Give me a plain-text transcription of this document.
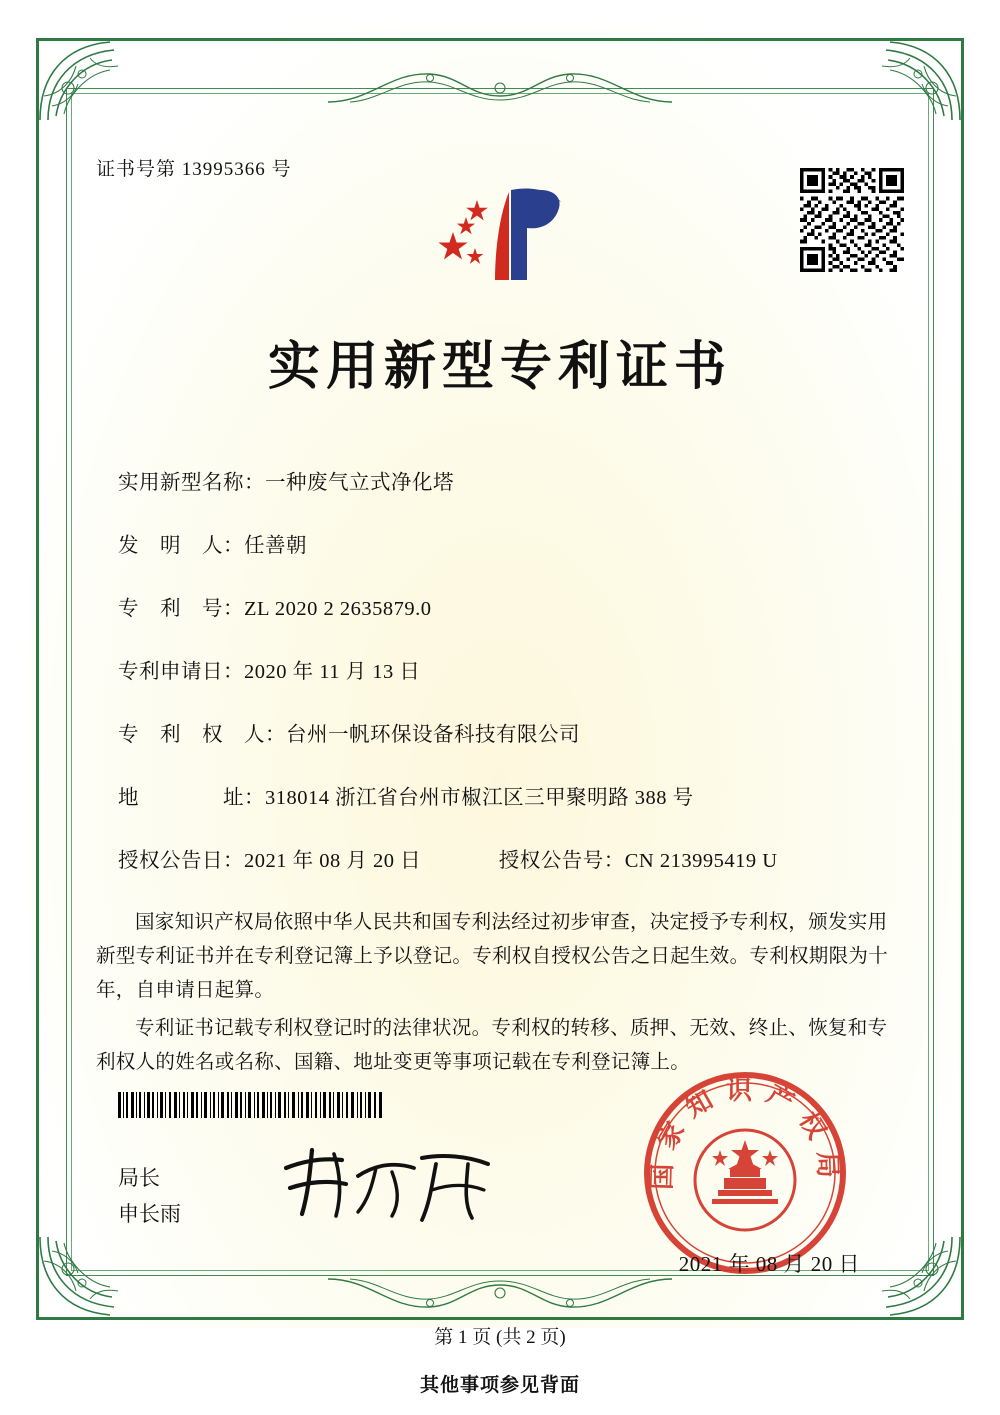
证书号第 13995366 号
实用新型专利证书
实用新型名称：一种废气立式净化塔
发　明　人：任善朝
专　利　号：ZL 2020 2 2635879.0
专利申请日：2020 年 11 月 13 日
专　利　权　人：台州一帆环保设备科技有限公司
地　　　　址：318014 浙江省台州市椒江区三甲聚明路 388 号
授权公告日：2021 年 08 月 20 日	授权公告号：CN 213995419 U

国家知识产权局依照中华人民共和国专利法经过初步审查，决定授予专利权，颁发实用新型专利证书并在专利登记簿上予以登记。专利权自授权公告之日起生效。专利权期限为十年，自申请日起算。

专利证书记载专利权登记时的法律状况。专利权的转移、质押、无效、终止、恢复和专利权人的姓名或名称、国籍、地址变更等事项记载在专利登记簿上。

局长
申长雨
国家知识产权局
2021 年 08 月 20 日
第 1 页 (共 2 页)
其他事项参见背面
